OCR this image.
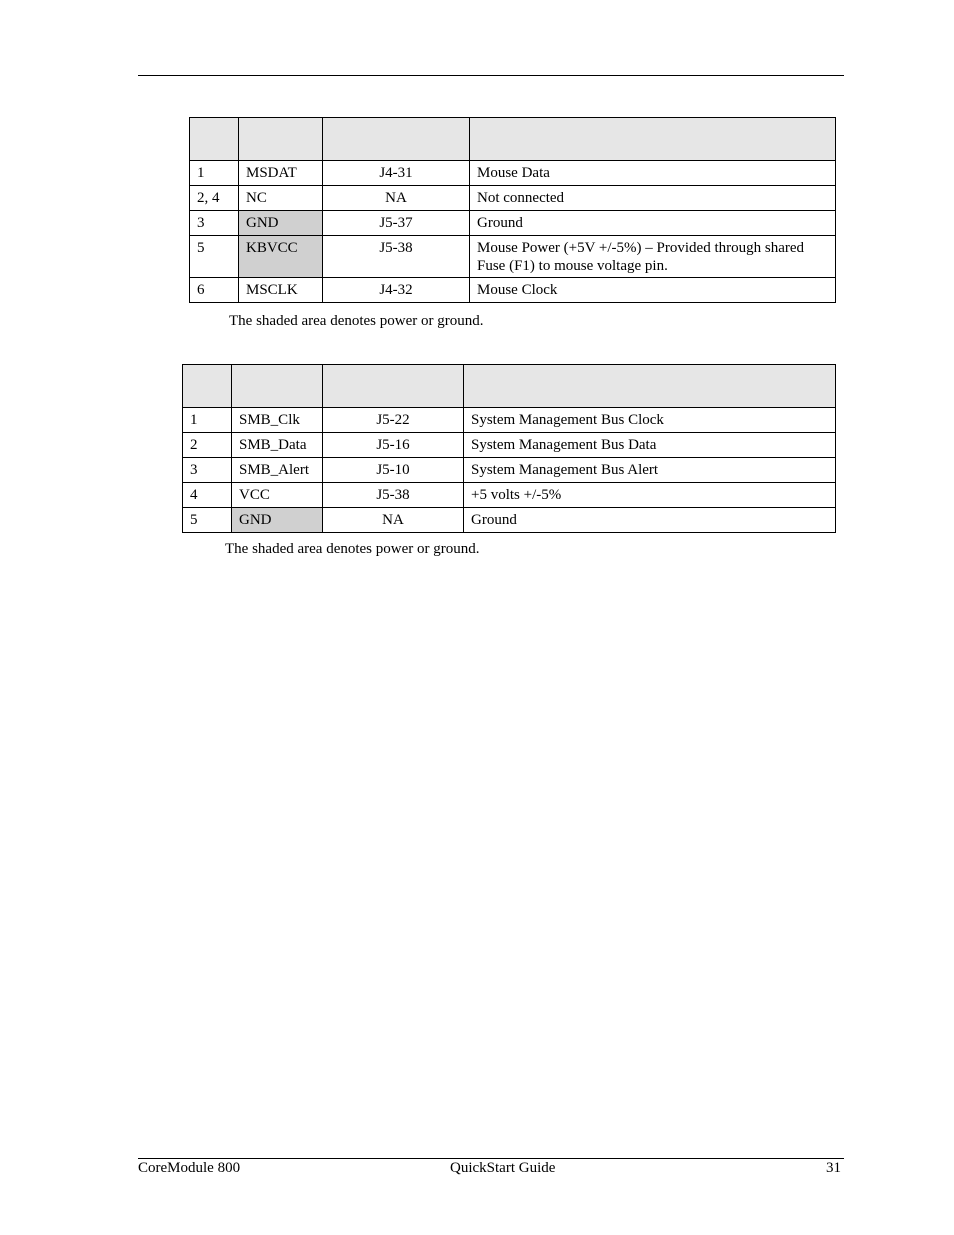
1	MSDAT	J4-31	Mouse Data
2, 4	NC	NA	Not connected
3	GND	J5-37	Ground
5	KBVCC	J5-38	Mouse Power (+5V +/-5%) – Provided through shared Fuse (F1) to mouse voltage pin.
6	MSCLK	J4-32	Mouse Clock
The shaded area denotes power or ground.

1	SMB_Clk	J5-22	System Management Bus Clock
2	SMB_Data	J5-16	System Management Bus Data
3	SMB_Alert	J5-10	System Management Bus Alert
4	VCC	J5-38	+5 volts +/-5%
5	GND	NA	Ground
The shaded area denotes power or ground.
CoreModule 800	QuickStart Guide	31
